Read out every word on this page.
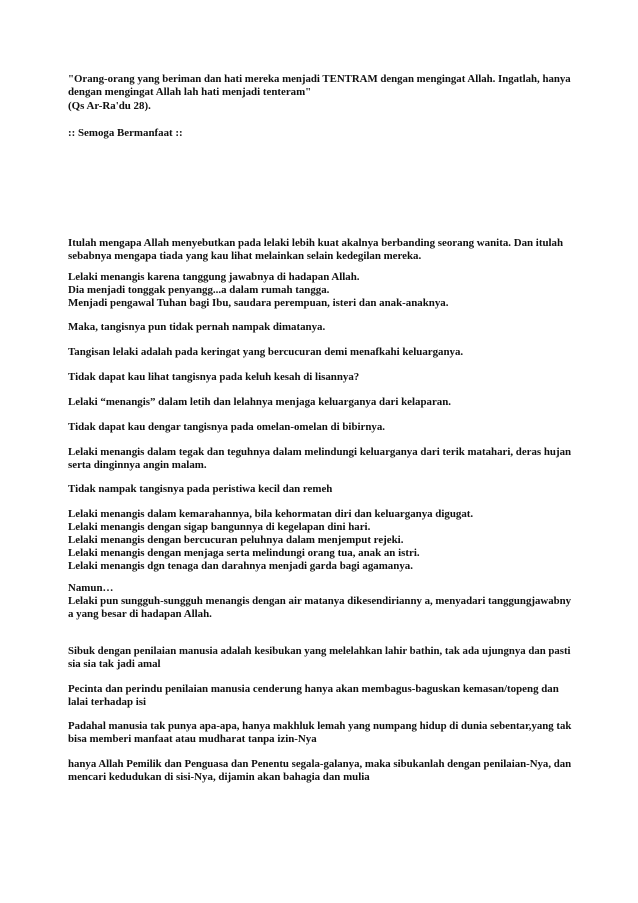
"Orang-orang yang beriman dan hati mereka menjadi TENTRAM dengan mengingat Allah. Ingatlah, hanya
dengan mengingat Allah lah hati menjadi tenteram"
(Qs Ar-Ra'du 28).
:: Semoga Bermanfaat ::
Itulah mengapa Allah menyebutkan pada lelaki lebih kuat akalnya berbanding seorang wanita. Dan itulah
sebabnya mengapa tiada yang kau lihat melainkan selain kedegilan mereka.
Lelaki menangis karena tanggung jawabnya di hadapan Allah.
Dia menjadi tonggak penyangg...a dalam rumah tangga.
Menjadi pengawal Tuhan bagi Ibu, saudara perempuan, isteri dan anak-anaknya.
Maka, tangisnya pun tidak pernah nampak dimatanya.
Tangisan lelaki adalah pada keringat yang bercucuran demi menafkahi keluarganya.
Tidak dapat kau lihat tangisnya pada keluh kesah di lisannya?
Lelaki “menangis” dalam letih dan lelahnya menjaga keluarganya dari kelaparan.
Tidak dapat kau dengar tangisnya pada omelan-omelan di bibirnya.
Lelaki menangis dalam tegak dan teguhnya dalam melindungi keluarganya dari terik matahari, deras hujan
serta dinginnya angin malam.
Tidak nampak tangisnya pada peristiwa kecil dan remeh
Lelaki menangis dalam kemarahannya, bila kehormatan diri dan keluarganya digugat.
Lelaki menangis dengan sigap bangunnya di kegelapan dini hari.
Lelaki menangis dengan bercucuran peluhnya dalam menjemput rejeki.
Lelaki menangis dengan menjaga serta melindungi orang tua, anak an istri.
Lelaki menangis dgn tenaga dan darahnya menjadi garda bagi agamanya.
Namun…
Lelaki pun sungguh-sungguh menangis dengan air matanya dikesendirianny a, menyadari tanggungjawabny
a yang besar di hadapan Allah.
Sibuk dengan penilaian manusia adalah kesibukan yang melelahkan lahir bathin, tak ada ujungnya dan pasti
sia sia tak jadi amal
Pecinta dan perindu penilaian manusia cenderung hanya akan membagus-baguskan kemasan/topeng dan
lalai terhadap isi
Padahal manusia tak punya apa-apa, hanya makhluk lemah yang numpang hidup di dunia sebentar,yang tak
bisa memberi manfaat atau mudharat tanpa izin-Nya
hanya Allah Pemilik dan Penguasa dan Penentu segala-galanya, maka sibukanlah dengan penilaian-Nya, dan
mencari kedudukan di sisi-Nya, dijamin akan bahagia dan mulia
